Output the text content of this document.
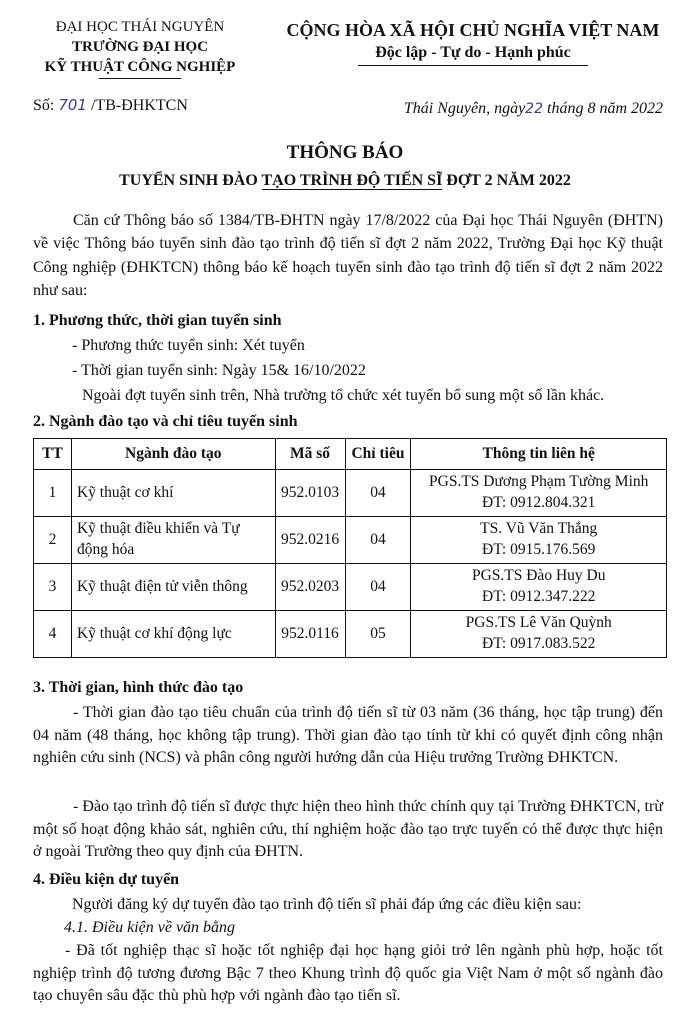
ĐẠI HỌC THÁI NGUYÊN
TRƯỜNG ĐẠI HỌC
KỸ THUẬT CÔNG NGHIỆP
CỘNG HÒA XÃ HỘI CHỦ NGHĨA VIỆT NAM
Độc lập - Tự do - Hạnh phúc
Số: 701 /TB-ĐHKTCN	Thái Nguyên, ngày22 tháng 8 năm 2022
THÔNG BÁO
TUYỂN SINH ĐÀO TẠO TRÌNH ĐỘ TIẾN SĨ ĐỢT 2 NĂM 2022
Căn cứ Thông báo số 1384/TB-ĐHTN ngày 17/8/2022 của Đại học Thái Nguyên (ĐHTN) về việc Thông báo tuyển sinh đào tạo trình độ tiến sĩ đợt 2 năm 2022, Trường Đại học Kỹ thuật Công nghiệp (ĐHKTCN) thông báo kế hoạch tuyển sinh đào tạo trình độ tiến sĩ đợt 2 năm 2022 như sau:
1. Phương thức, thời gian tuyển sinh
- Phương thức tuyển sinh: Xét tuyển
- Thời gian tuyển sinh: Ngày 15& 16/10/2022
Ngoài đợt tuyển sinh trên, Nhà trường tổ chức xét tuyển bổ sung một số lần khác.
2. Ngành đào tạo và chỉ tiêu tuyển sinh
TT	Ngành đào tạo	Mã số	Chỉ tiêu	Thông tin liên hệ
1	Kỹ thuật cơ khí	952.0103	04	PGS.TS Dương Phạm Tường Minh
ĐT: 0912.804.321

2	Kỹ thuật điều khiển và Tự động hóa	952.0216	04	TS. Vũ Văn Thắng
ĐT: 0915.176.569

3	Kỹ thuật điện tử viễn thông	952.0203	04	PGS.TS Đào Huy Du
ĐT: 0912.347.222

4	Kỹ thuật cơ khí động lực	952.0116	05	PGS.TS Lê Văn Quỳnh
ĐT: 0917.083.522
3. Thời gian, hình thức đào tạo
- Thời gian đào tạo tiêu chuẩn của trình độ tiến sĩ từ 03 năm (36 tháng, học tập trung) đến 04 năm (48 tháng, học không tập trung). Thời gian đào tạo tính từ khi có quyết định công nhận nghiên cứu sinh (NCS) và phân công người hướng dẫn của Hiệu trưởng Trường ĐHKTCN.
- Đào tạo trình độ tiến sĩ được thực hiện theo hình thức chính quy tại Trường ĐHKTCN, trừ một số hoạt động khảo sát, nghiên cứu, thí nghiệm hoặc đào tạo trực tuyến có thể được thực hiện ở ngoài Trường theo quy định của ĐHTN.
4. Điều kiện dự tuyển
Người đăng ký dự tuyển đào tạo trình độ tiến sĩ phải đáp ứng các điều kiện sau:
4.1. Điều kiện về văn bằng
- Đã tốt nghiệp thạc sĩ hoặc tốt nghiệp đại học hạng giỏi trở lên ngành phù hợp, hoặc tốt nghiệp trình độ tương đương Bậc 7 theo Khung trình độ quốc gia Việt Nam ở một số ngành đào tạo chuyên sâu đặc thù phù hợp với ngành đào tạo tiến sĩ.
